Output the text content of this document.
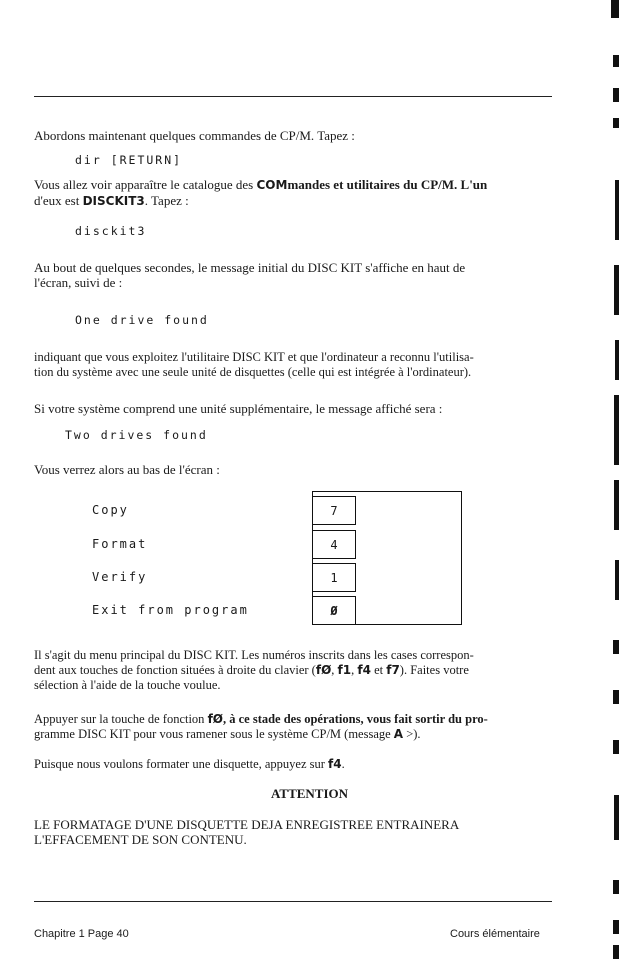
Abordons maintenant quelques commandes de CP/M. Tapez :
dir [RETURN]
Vous allez voir apparaître le catalogue des COMmandes et utilitaires du CP/M. L'un
d'eux est DISCKIT3. Tapez :
disckit3
Au bout de quelques secondes, le message initial du DISC KIT s'affiche en haut de
l'écran, suivi de :
One drive found
indiquant que vous exploitez l'utilitaire DISC KIT et que l'ordinateur a reconnu l'utilisa-
tion du système avec une seule unité de disquettes (celle qui est intégrée à l'ordinateur).
Si votre système comprend une unité supplémentaire, le message affiché sera :
Two drives found
Vous verrez alors au bas de l'écran :
Copy
Format
Verify
Exit from program
7
4
1
Ø
Il s'agit du menu principal du DISC KIT. Les numéros inscrits dans les cases correspon-
dent aux touches de fonction situées à droite du clavier (fØ, f1, f4 et f7). Faites votre
sélection à l'aide de la touche voulue.
Appuyer sur la touche de fonction fØ, à ce stade des opérations, vous fait sortir du pro-
gramme DISC KIT pour vous ramener sous le système CP/M (message A >).
Puisque nous voulons formater une disquette, appuyez sur f4.
ATTENTION
LE FORMATAGE D'UNE DISQUETTE DEJA ENREGISTREE ENTRAINERA
L'EFFACEMENT DE SON CONTENU.
Chapitre 1 Page 40	Cours élémentaire
